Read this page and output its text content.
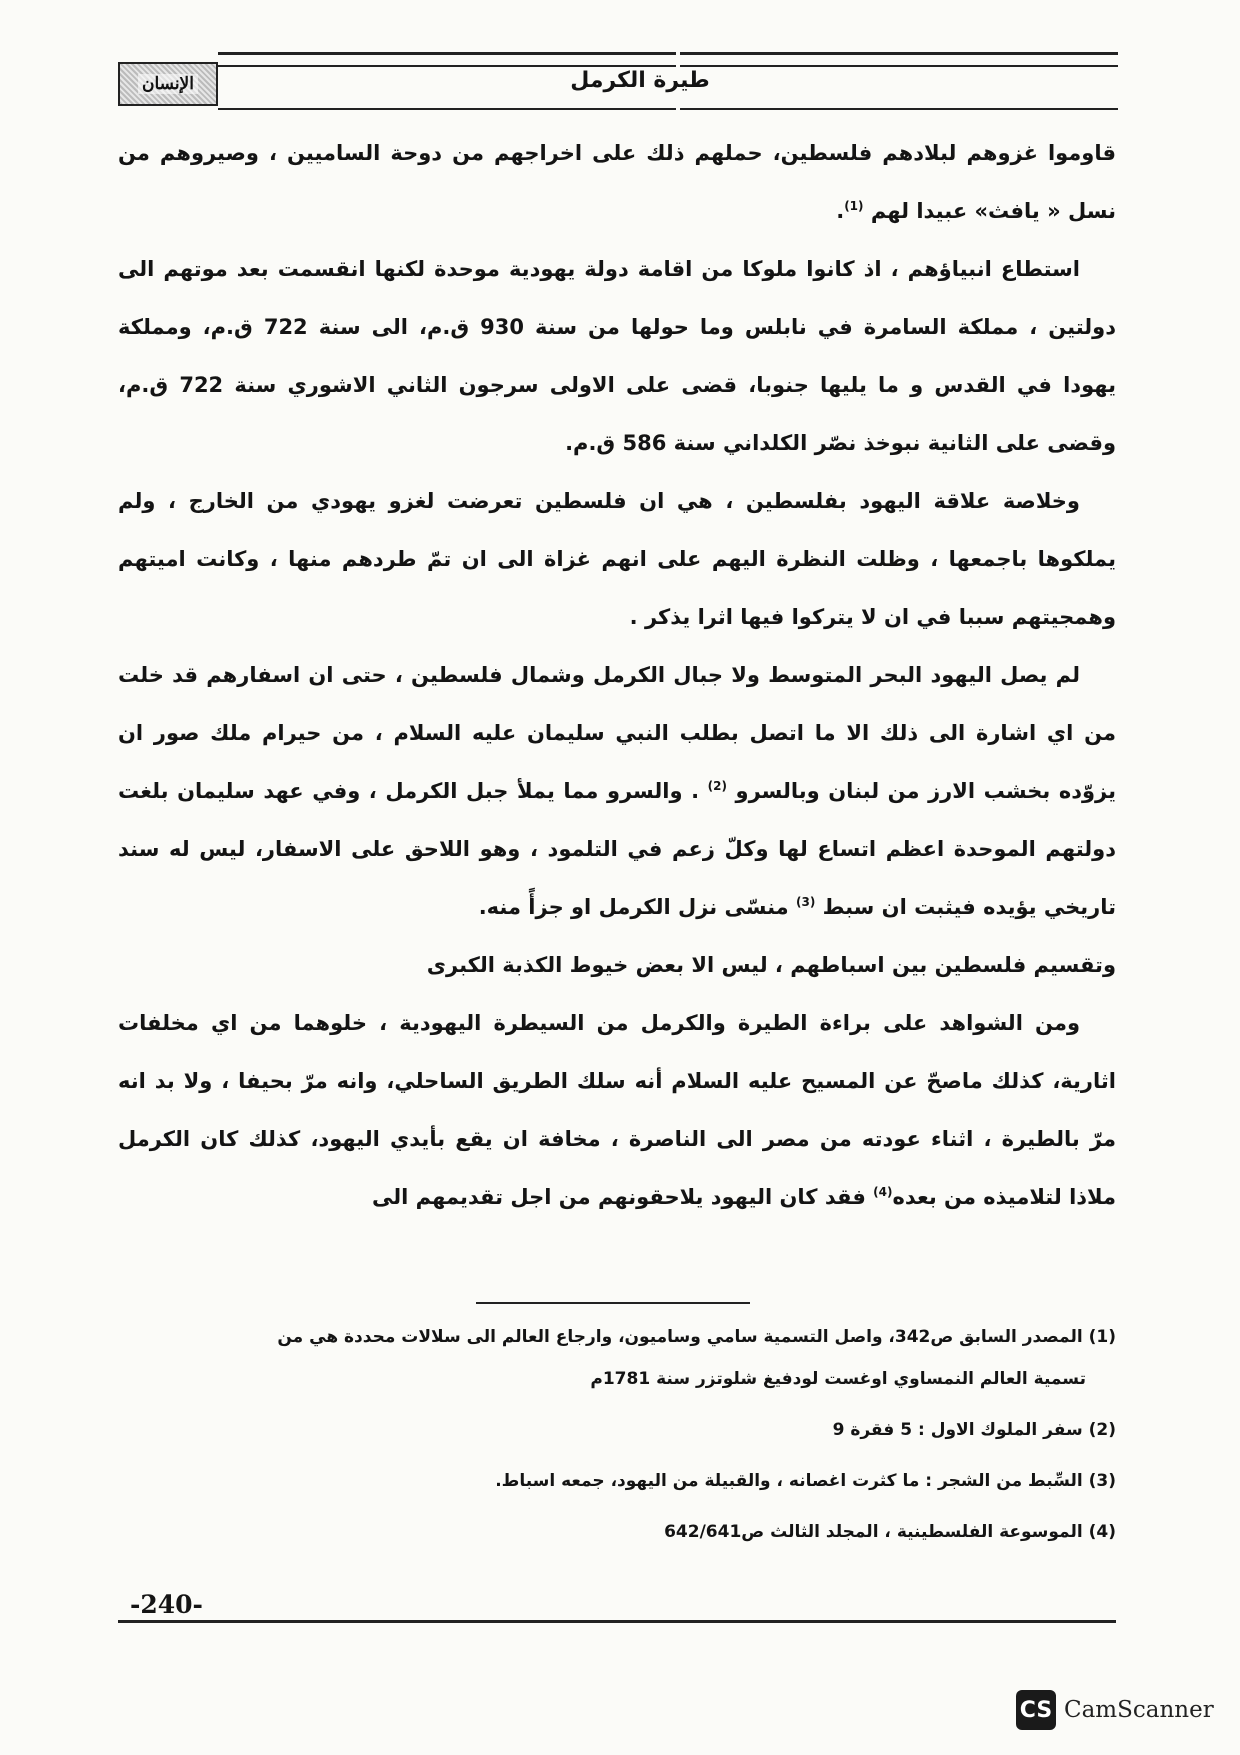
طيرة الكرمل
الإنسان

قاوموا غزوهم لبلادهم فلسطين، حملهم ذلك على اخراجهم من دوحة الساميين ، وصيروهم من نسل « يافث» عبيدا لهم $^{(1)}$.

استطاع انبياؤهم ، اذ كانوا ملوكا من اقامة دولة يهودية موحدة لكنها انقسمت بعد موتهم الى دولتين ، مملكة السامرة في نابلس وما حولها من سنة 930 ق.م، الى سنة 722 ق.م، ومملكة يهودا في القدس و ما يليها جنوبا، قضى على الاولى سرجون الثاني الاشوري سنة 722 ق.م، وقضى على الثانية نبوخذ نصّر الكلداني سنة 586 ق.م.

وخلاصة علاقة اليهود بفلسطين ، هي ان فلسطين تعرضت لغزو يهودي من الخارج ، ولم يملكوها باجمعها ، وظلت النظرة اليهم على انهم غزاة الى ان تمّ طردهم منها ، وكانت اميتهم وهمجيتهم سببا في ان لا يتركوا فيها اثرا يذكر .

لم يصل اليهود البحر المتوسط ولا جبال الكرمل وشمال فلسطين ، حتى ان اسفارهم قد خلت من اي اشارة الى ذلك الا ما اتصل بطلب النبي سليمان عليه السلام ، من حيرام ملك صور ان يزوّده بخشب الارز من لبنان وبالسرو $^{(2)}$ . والسرو مما يملأ جبل الكرمل ، وفي عهد سليمان بلغت دولتهم الموحدة اعظم اتساع لها وكلّ زعم في التلمود ، وهو اللاحق على الاسفار، ليس له سند تاريخي يؤيده فيثبت ان سبط $^{(3)}$ منسّى نزل الكرمل او جزأً منه.

وتقسيم فلسطين بين اسباطهم ، ليس الا بعض خيوط الكذبة الكبرى

ومن الشواهد على براءة الطيرة والكرمل من السيطرة اليهودية ، خلوهما من اي مخلفات اثارية، كذلك ماصحّ عن المسيح عليه السلام أنه سلك الطريق الساحلي، وانه مرّ بحيفا ، ولا بد انه مرّ بالطيرة ، اثناء عودته من مصر الى الناصرة ، مخافة ان يقع بأيدي اليهود، كذلك كان الكرمل ملاذا لتلاميذه من بعده$^{(4)}$ فقد كان اليهود يلاحقونهم من اجل تقديمهم الى

(1) المصدر السابق ص342، واصل التسمية سامي وساميون، وارجاع العالم الى سلالات محددة هي من
تسمية العالم النمساوي اوغست لودفيغ شلوتزر سنة 1781م

(2) سفر الملوك الاول : 5 فقرة 9

(3) السِّبط من الشجر : ما كثرت اغصانه ، والقبيلة من اليهود، جمعه اسباط.

(4) الموسوعة الفلسطينية ، المجلد الثالث ص642/641

-240-
CS CamScanner
